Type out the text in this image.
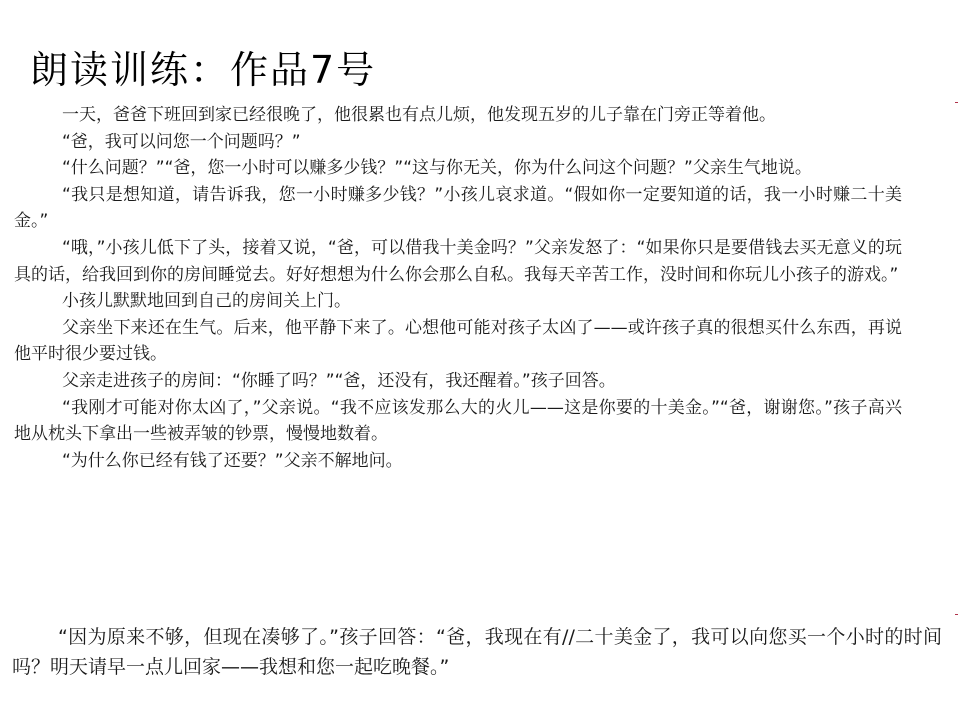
朗读训练：作品7号

一天，爸爸下班回到家已经很晚了，他很累也有点儿烦，他发现五岁的儿子靠在门旁正等着他。

“爸，我可以问您一个问题吗？”

“什么问题？”“爸，您一小时可以赚多少钱？”“这与你无关，你为什么问这个问题？”父亲生气地说。

“我只是想知道，请告诉我，您一小时赚多少钱？”小孩儿哀求道。“假如你一定要知道的话，我一小时赚二十美金。”

“哦，”小孩儿低下了头，接着又说，“爸，可以借我十美金吗？”父亲发怒了：“如果你只是要借钱去买无意义的玩具的话，给我回到你的房间睡觉去。好好想想为什么你会那么自私。我每天辛苦工作，没时间和你玩儿小孩子的游戏。”

小孩儿默默地回到自己的房间关上门。

父亲坐下来还在生气。后来，他平静下来了。心想他可能对孩子太凶了——或许孩子真的很想买什么东西，再说他平时很少要过钱。

父亲走进孩子的房间：“你睡了吗？”“爸，还没有，我还醒着。”孩子回答。

“我刚才可能对你太凶了，”父亲说。“我不应该发那么大的火儿——这是你要的十美金。”“爸，谢谢您。”孩子高兴地从枕头下拿出一些被弄皱的钞票，慢慢地数着。

“为什么你已经有钱了还要？”父亲不解地问。

“因为原来不够，但现在凑够了。”孩子回答：“爸，我现在有//二十美金了，我可以向您买一个小时的时间吗？明天请早一点儿回家——我想和您一起吃晚餐。”
